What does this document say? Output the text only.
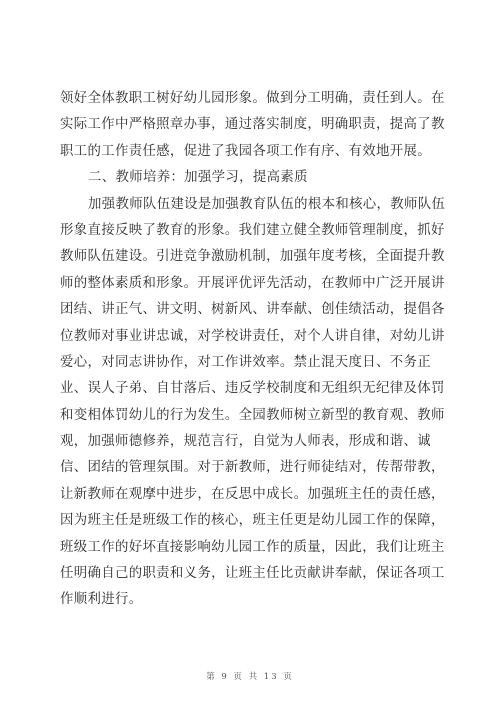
领好全体教职工树好幼儿园形象。做到分工明确，责任到人。在
实际工作中严格照章办事，通过落实制度，明确职责，提高了教
职工的工作责任感，促进了我园各项工作有序、有效地开展。
二、教师培养：加强学习，提高素质
加强教师队伍建设是加强教育队伍的根本和核心，教师队伍
形象直接反映了教育的形象。我们建立健全教师管理制度，抓好
教师队伍建设。引进竞争激励机制，加强年度考核，全面提升教
师的整体素质和形象。开展评优评先活动，在教师中广泛开展讲
团结、讲正气、讲文明、树新风、讲奉献、创佳绩活动，提倡各
位教师对事业讲忠诚，对学校讲责任，对个人讲自律，对幼儿讲
爱心，对同志讲协作，对工作讲效率。禁止混天度日、不务正
业、误人子弟、自甘落后、违反学校制度和无组织无纪律及体罚
和变相体罚幼儿的行为发生。全园教师树立新型的教育观、教师
观，加强师德修养，规范言行，自觉为人师表，形成和谐、诚
信、团结的管理氛围。对于新教师，进行师徒结对，传帮带教，
让新教师在观摩中进步，在反思中成长。加强班主任的责任感，
因为班主任是班级工作的核心，班主任更是幼儿园工作的保障，
班级工作的好坏直接影响幼儿园工作的质量，因此，我们让班主
任明确自己的职责和义务，让班主任比贡献讲奉献，保证各项工
作顺利进行。
第 9 页 共 13 页
